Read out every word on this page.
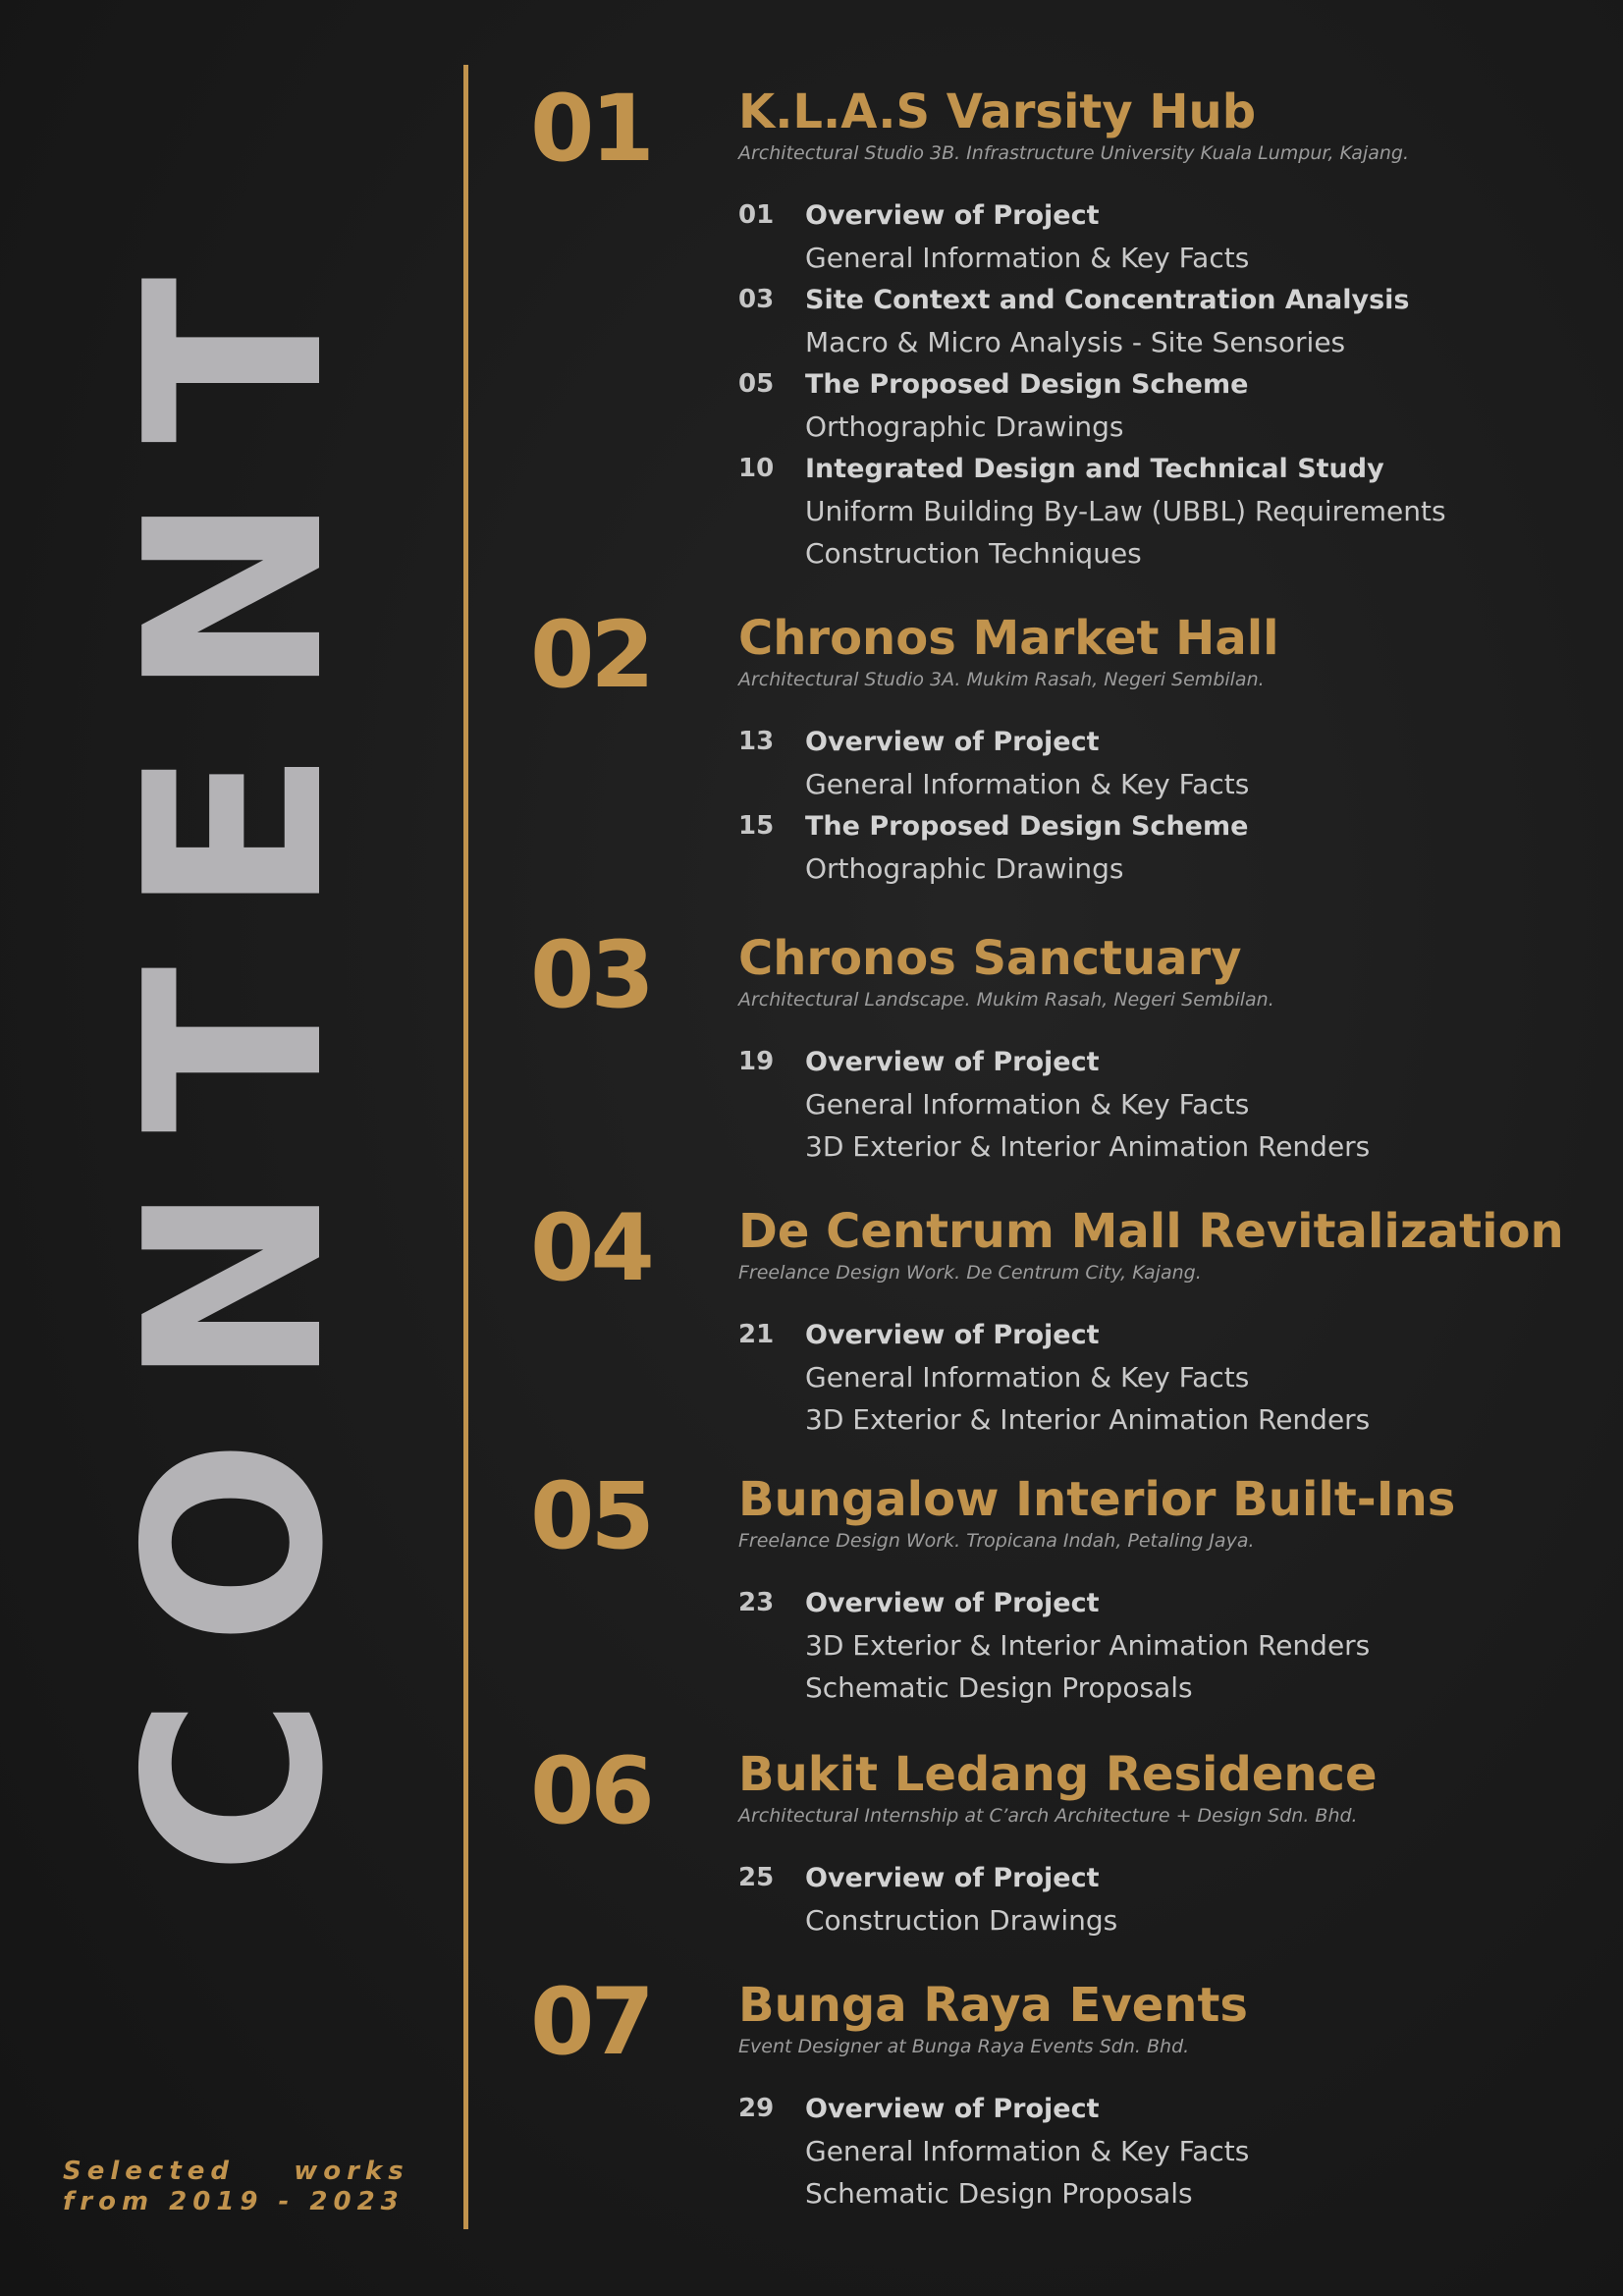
CONTENT
Selected    works
from 2019 - 2023
01	K.L.A.S Varsity Hub
Architectural Studio 3B. Infrastructure University Kuala Lumpur, Kajang.
01 Overview of Project
General Information & Key Facts
03 Site Context and Concentration Analysis
Macro & Micro Analysis - Site Sensories
05 The Proposed Design Scheme
Orthographic Drawings
10 Integrated Design and Technical Study
Uniform Building By-Law (UBBL) Requirements
Construction Techniques
02	Chronos Market Hall
Architectural Studio 3A. Mukim Rasah, Negeri Sembilan.
13 Overview of Project
General Information & Key Facts
15 The Proposed Design Scheme
Orthographic Drawings
03	Chronos Sanctuary
Architectural Landscape. Mukim Rasah, Negeri Sembilan.
19 Overview of Project
General Information & Key Facts
3D Exterior & Interior Animation Renders
04	De Centrum Mall Revitalization
Freelance Design Work. De Centrum City, Kajang.
21 Overview of Project
General Information & Key Facts
3D Exterior & Interior Animation Renders
05	Bungalow Interior Built-Ins
Freelance Design Work. Tropicana Indah, Petaling Jaya.
23 Overview of Project
3D Exterior & Interior Animation Renders
Schematic Design Proposals
06	Bukit Ledang Residence
Architectural Internship at C’arch Architecture + Design Sdn. Bhd.
25 Overview of Project
Construction Drawings
07	Bunga Raya Events
Event Designer at Bunga Raya Events Sdn. Bhd.
29 Overview of Project
General Information & Key Facts
Schematic Design Proposals
